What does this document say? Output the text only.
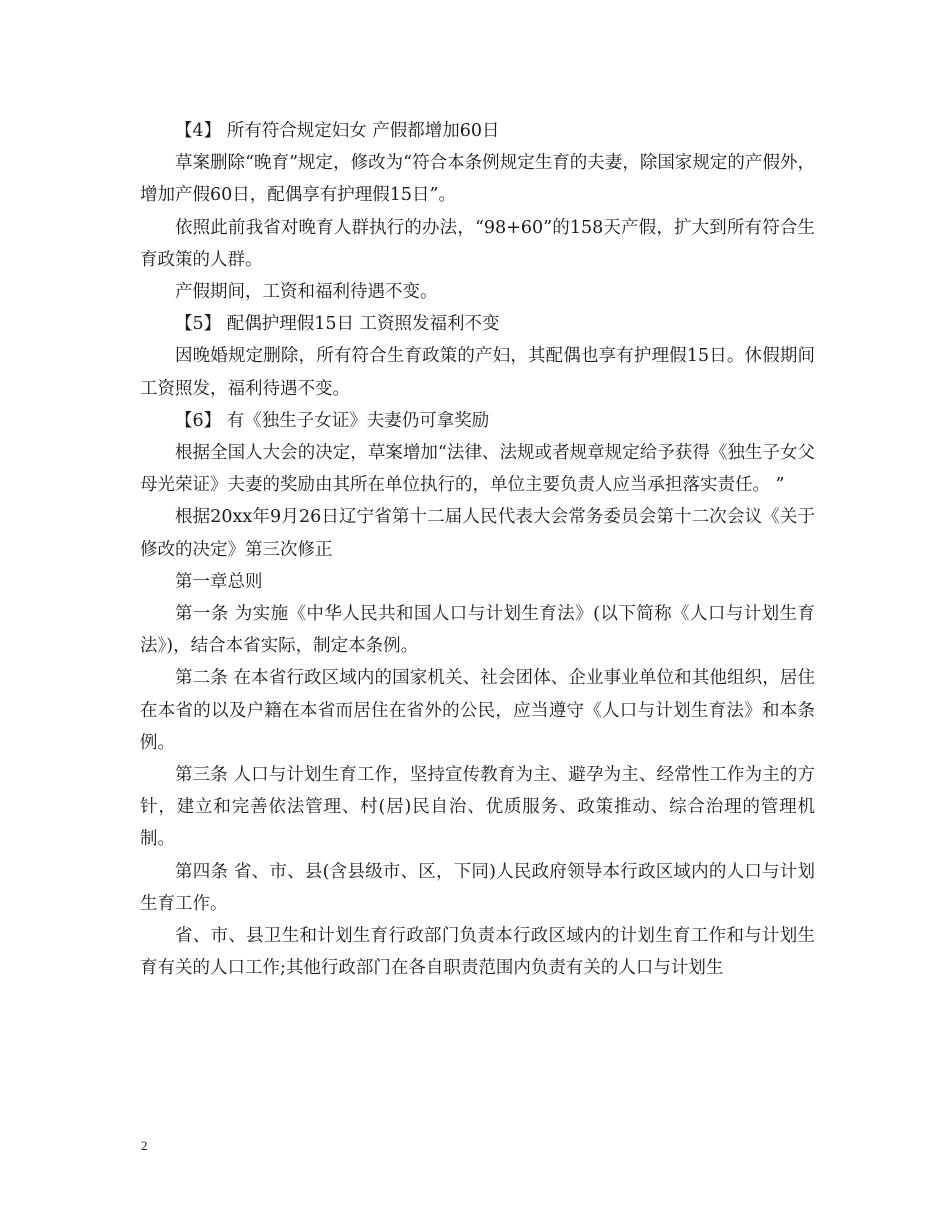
【4】 所有符合规定妇女 产假都增加60日

草案删除“晚育”规定，修改为“符合本条例规定生育的夫妻，除国家规定的产假外，增加产假60日，配偶享有护理假15日”。

依照此前我省对晚育人群执行的办法，“98+60”的158天产假，扩大到所有符合生育政策的人群。

产假期间，工资和福利待遇不变。

【5】 配偶护理假15日 工资照发福利不变

因晚婚规定删除，所有符合生育政策的产妇，其配偶也享有护理假15日。休假期间工资照发，福利待遇不变。

【6】 有《独生子女证》夫妻仍可拿奖励

根据全国人大会的决定，草案增加“法律、法规或者规章规定给予获得《独生子女父母光荣证》夫妻的奖励由其所在单位执行的，单位主要负责人应当承担落实责任。 ”

根据20xx年9月26日辽宁省第十二届人民代表大会常务委员会第十二次会议《关于修改的决定》第三次修正

第一章总则

第一条 为实施《中华人民共和国人口与计划生育法》(以下简称《人口与计划生育法》)，结合本省实际，制定本条例。

第二条 在本省行政区域内的国家机关、社会团体、企业事业单位和其他组织，居住在本省的以及户籍在本省而居住在省外的公民，应当遵守《人口与计划生育法》和本条例。

第三条 人口与计划生育工作，坚持宣传教育为主、避孕为主、经常性工作为主的方针，建立和完善依法管理、村(居)民自治、优质服务、政策推动、综合治理的管理机制。

第四条 省、市、县(含县级市、区，下同)人民政府领导本行政区域内的人口与计划生育工作。

省、市、县卫生和计划生育行政部门负责本行政区域内的计划生育工作和与计划生育有关的人口工作;其他行政部门在各自职责范围内负责有关的人口与计划生

2
